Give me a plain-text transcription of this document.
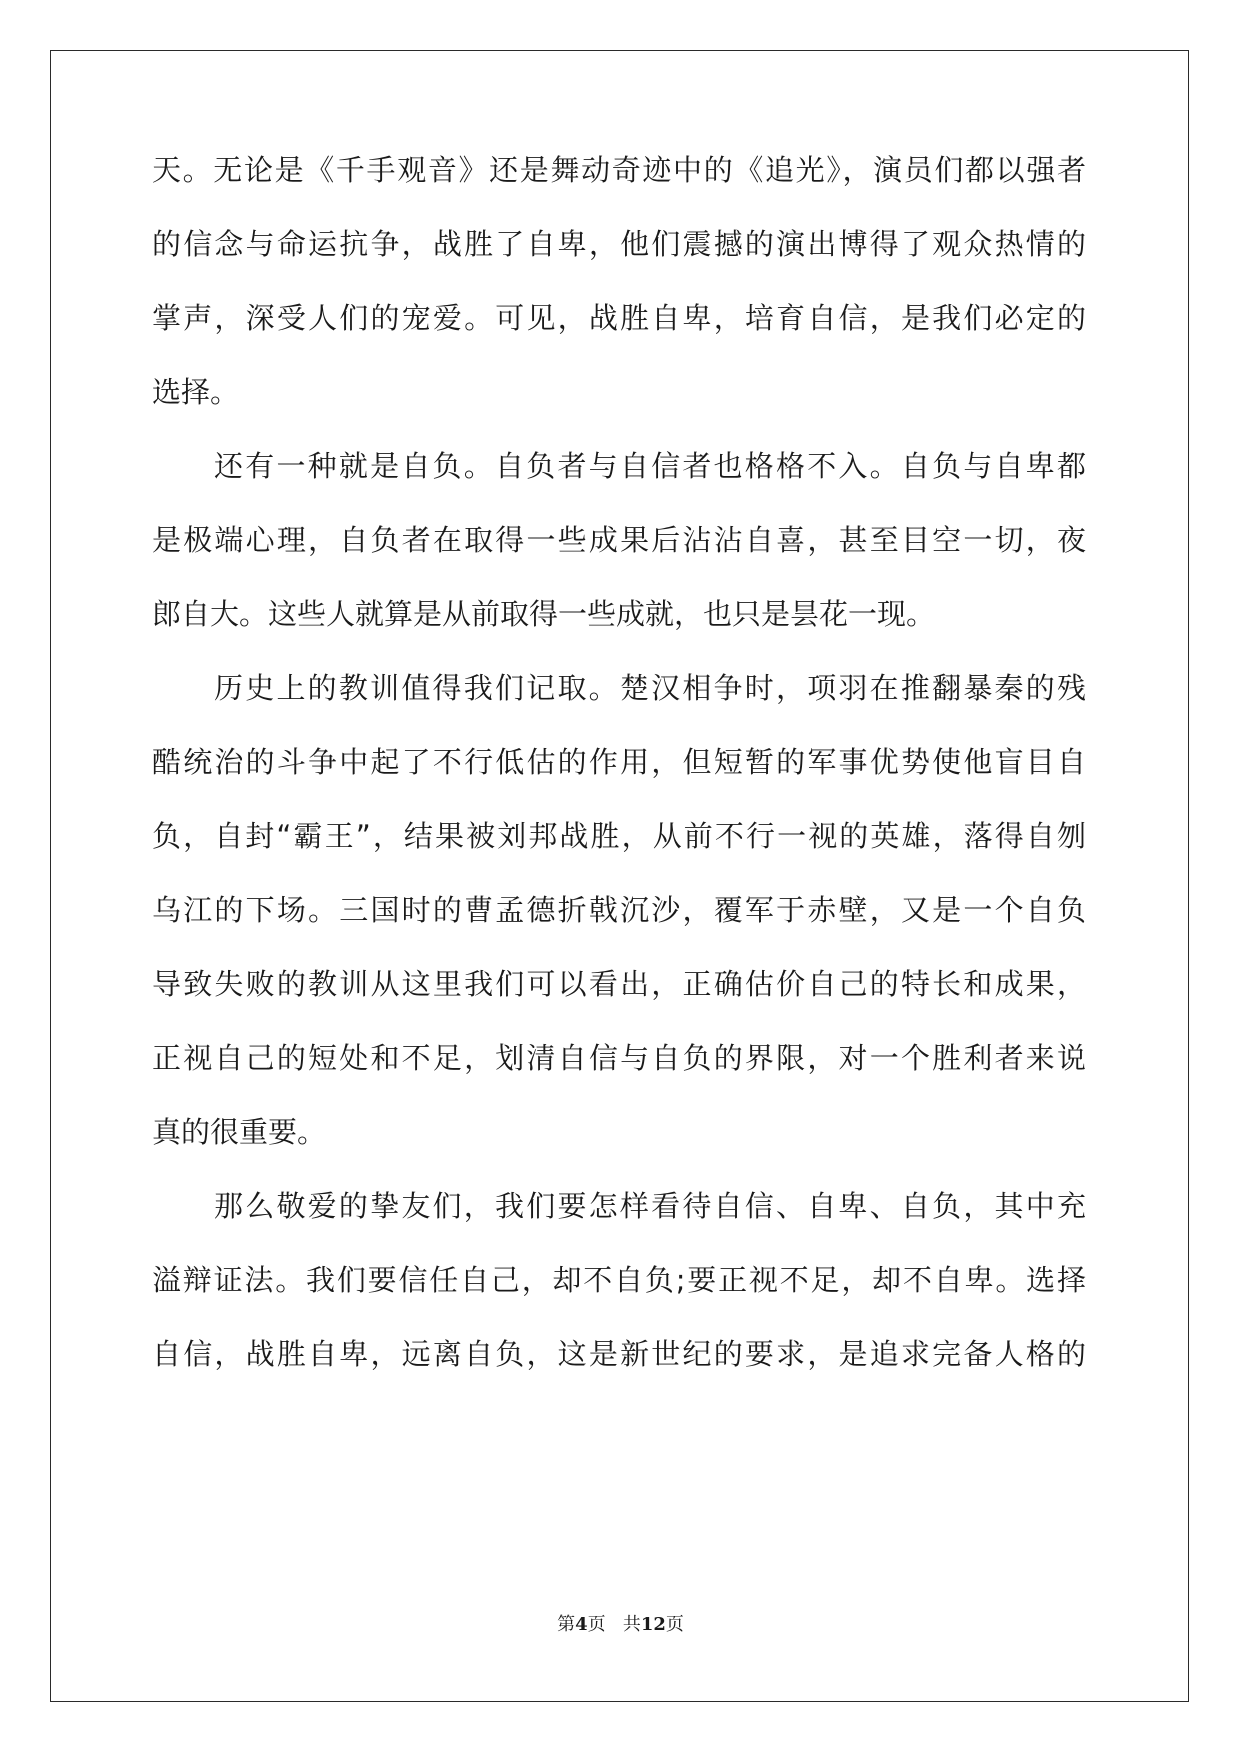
天。无论是《千手观音》还是舞动奇迹中的《追光》，演员们都以强者

的信念与命运抗争，战胜了自卑，他们震撼的演出博得了观众热情的

掌声，深受人们的宠爱。可见，战胜自卑，培育自信，是我们必定的

选择。

还有一种就是自负。自负者与自信者也格格不入。自负与自卑都

是极端心理，自负者在取得一些成果后沾沾自喜，甚至目空一切，夜

郎自大。这些人就算是从前取得一些成就，也只是昙花一现。

历史上的教训值得我们记取。楚汉相争时，项羽在推翻暴秦的残

酷统治的斗争中起了不行低估的作用，但短暂的军事优势使他盲目自

负，自封“霸王”，结果被刘邦战胜，从前不行一视的英雄，落得自刎

乌江的下场。三国时的曹孟德折戟沉沙，覆军于赤壁，又是一个自负

导致失败的教训从这里我们可以看出，正确估价自己的特长和成果，

正视自己的短处和不足，划清自信与自负的界限，对一个胜利者来说

真的很重要。

那么敬爱的挚友们，我们要怎样看待自信、自卑、自负，其中充

溢辩证法。我们要信任自己，却不自负;要正视不足，却不自卑。选择

自信，战胜自卑，远离自负，这是新世纪的要求，是追求完备人格的

第4页 共12页
